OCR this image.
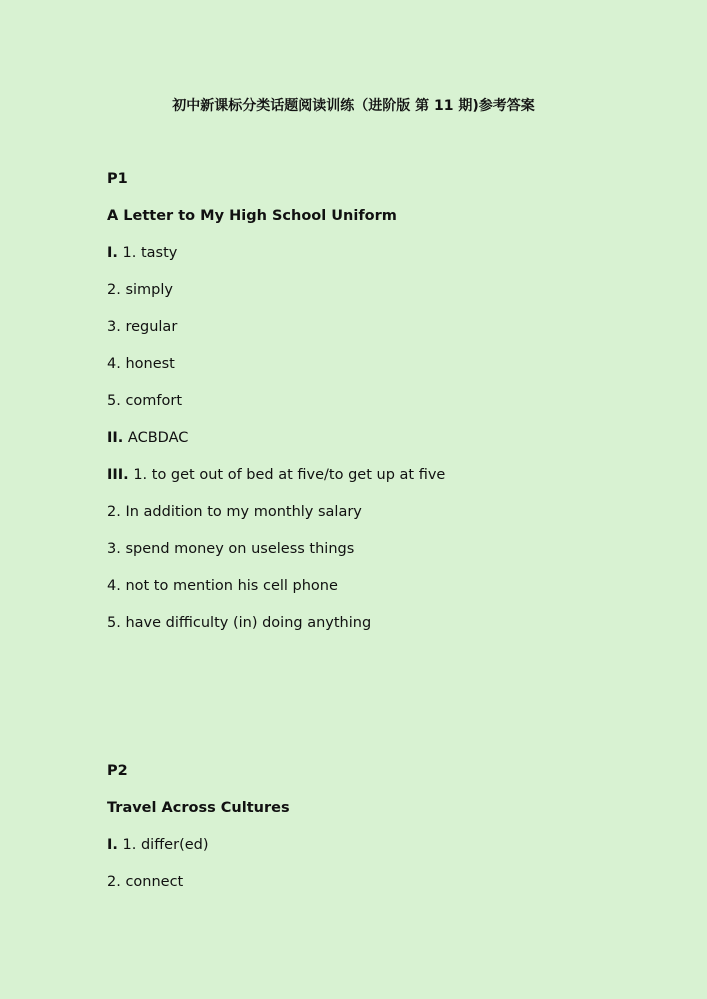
初中新课标分类话题阅读训练（进阶版 第 11 期)参考答案
P1
A Letter to My High School Uniform
I. 1. tasty
2. simply
3. regular
4. honest
5. comfort
II. ACBDAC
III. 1. to get out of bed at five/to get up at five
2. In addition to my monthly salary
3. spend money on useless things
4. not to mention his cell phone
5. have difficulty (in) doing anything
P2
Travel Across Cultures
I. 1. differ(ed)
2. connect
